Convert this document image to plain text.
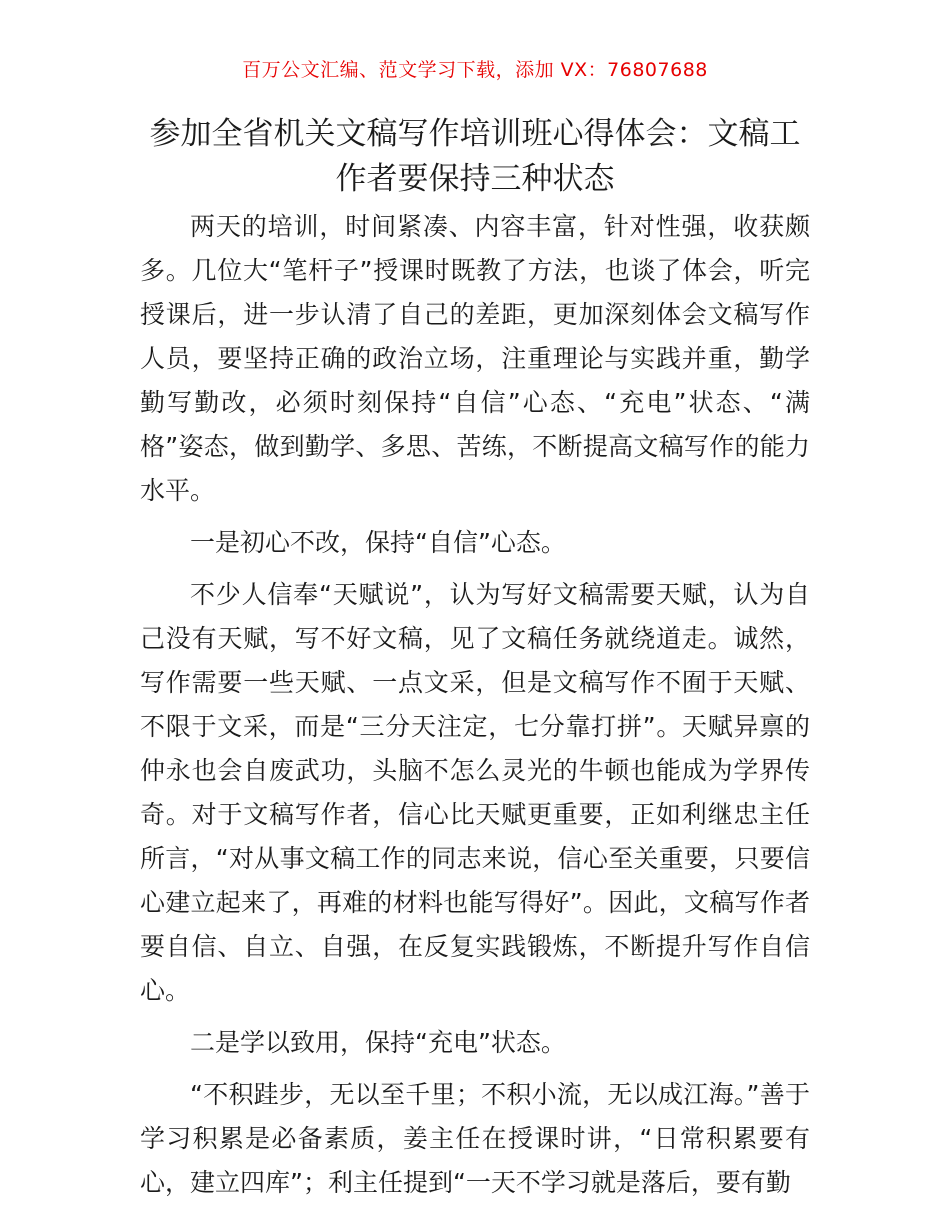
百万公文汇编、范文学习下载，添加 VX：76807688
参加全省机关文稿写作培训班心得体会：文稿工作者要保持三种状态

两天的培训，时间紧凑、内容丰富，针对性强，收获颇多。几位大“笔杆子”授课时既教了方法，也谈了体会，听完授课后，进一步认清了自己的差距，更加深刻体会文稿写作人员，要坚持正确的政治立场，注重理论与实践并重，勤学勤写勤改，必须时刻保持“自信”心态、“充电”状态、“满格”姿态，做到勤学、多思、苦练，不断提高文稿写作的能力水平。

一是初心不改，保持“自信”心态。

不少人信奉“天赋说”，认为写好文稿需要天赋，认为自己没有天赋，写不好文稿，见了文稿任务就绕道走。诚然，写作需要一些天赋、一点文采，但是文稿写作不囿于天赋、不限于文采，而是“三分天注定，七分靠打拼”。天赋异禀的仲永也会自废武功，头脑不怎么灵光的牛顿也能成为学界传奇。对于文稿写作者，信心比天赋更重要，正如利继忠主任所言，“对从事文稿工作的同志来说，信心至关重要，只要信心建立起来了，再难的材料也能写得好”。因此，文稿写作者要自信、自立、自强，在反复实践锻炼，不断提升写作自信心。

二是学以致用，保持“充电”状态。

“不积跬步，无以至千里；不积小流，无以成江海。”善于学习积累是必备素质，姜主任在授课时讲，“日常积累要有心，建立四库”；利主任提到“一天不学习就是落后，要有勤
